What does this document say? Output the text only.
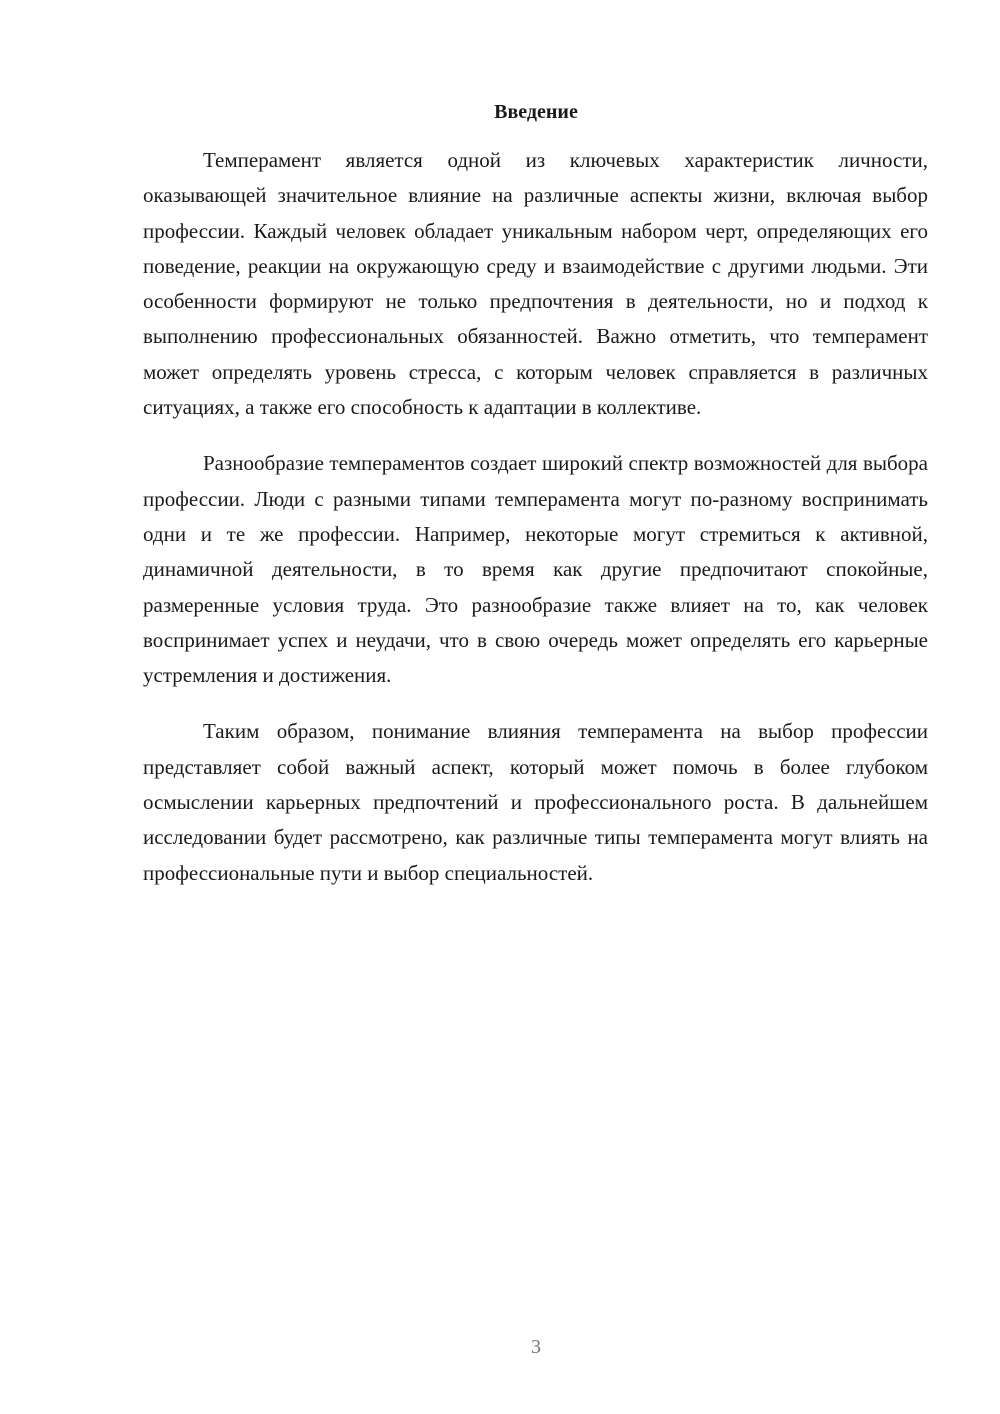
Введение

Темперамент является одной из ключевых характеристик личности, оказывающей значительное влияние на различные аспекты жизни, включая выбор профессии. Каждый человек обладает уникальным набором черт, определяющих его поведение, реакции на окружающую среду и взаимодействие с другими людьми. Эти особенности формируют не только предпочтения в деятельности, но и подход к выполнению профессиональных обязанностей. Важно отметить, что темперамент может определять уровень стресса, с которым человек справляется в различных ситуациях, а также его способность к адаптации в коллективе.

Разнообразие темпераментов создает широкий спектр возможностей для выбора профессии. Люди с разными типами темперамента могут по-разному воспринимать одни и те же профессии. Например, некоторые могут стремиться к активной, динамичной деятельности, в то время как другие предпочитают спокойные, размеренные условия труда. Это разнообразие также влияет на то, как человек воспринимает успех и неудачи, что в свою очередь может определять его карьерные устремления и достижения.

Таким образом, понимание влияния темперамента на выбор профессии представляет собой важный аспект, который может помочь в более глубоком осмыслении карьерных предпочтений и профессионального роста. В дальнейшем исследовании будет рассмотрено, как различные типы темперамента могут влиять на профессиональные пути и выбор специальностей.

3
